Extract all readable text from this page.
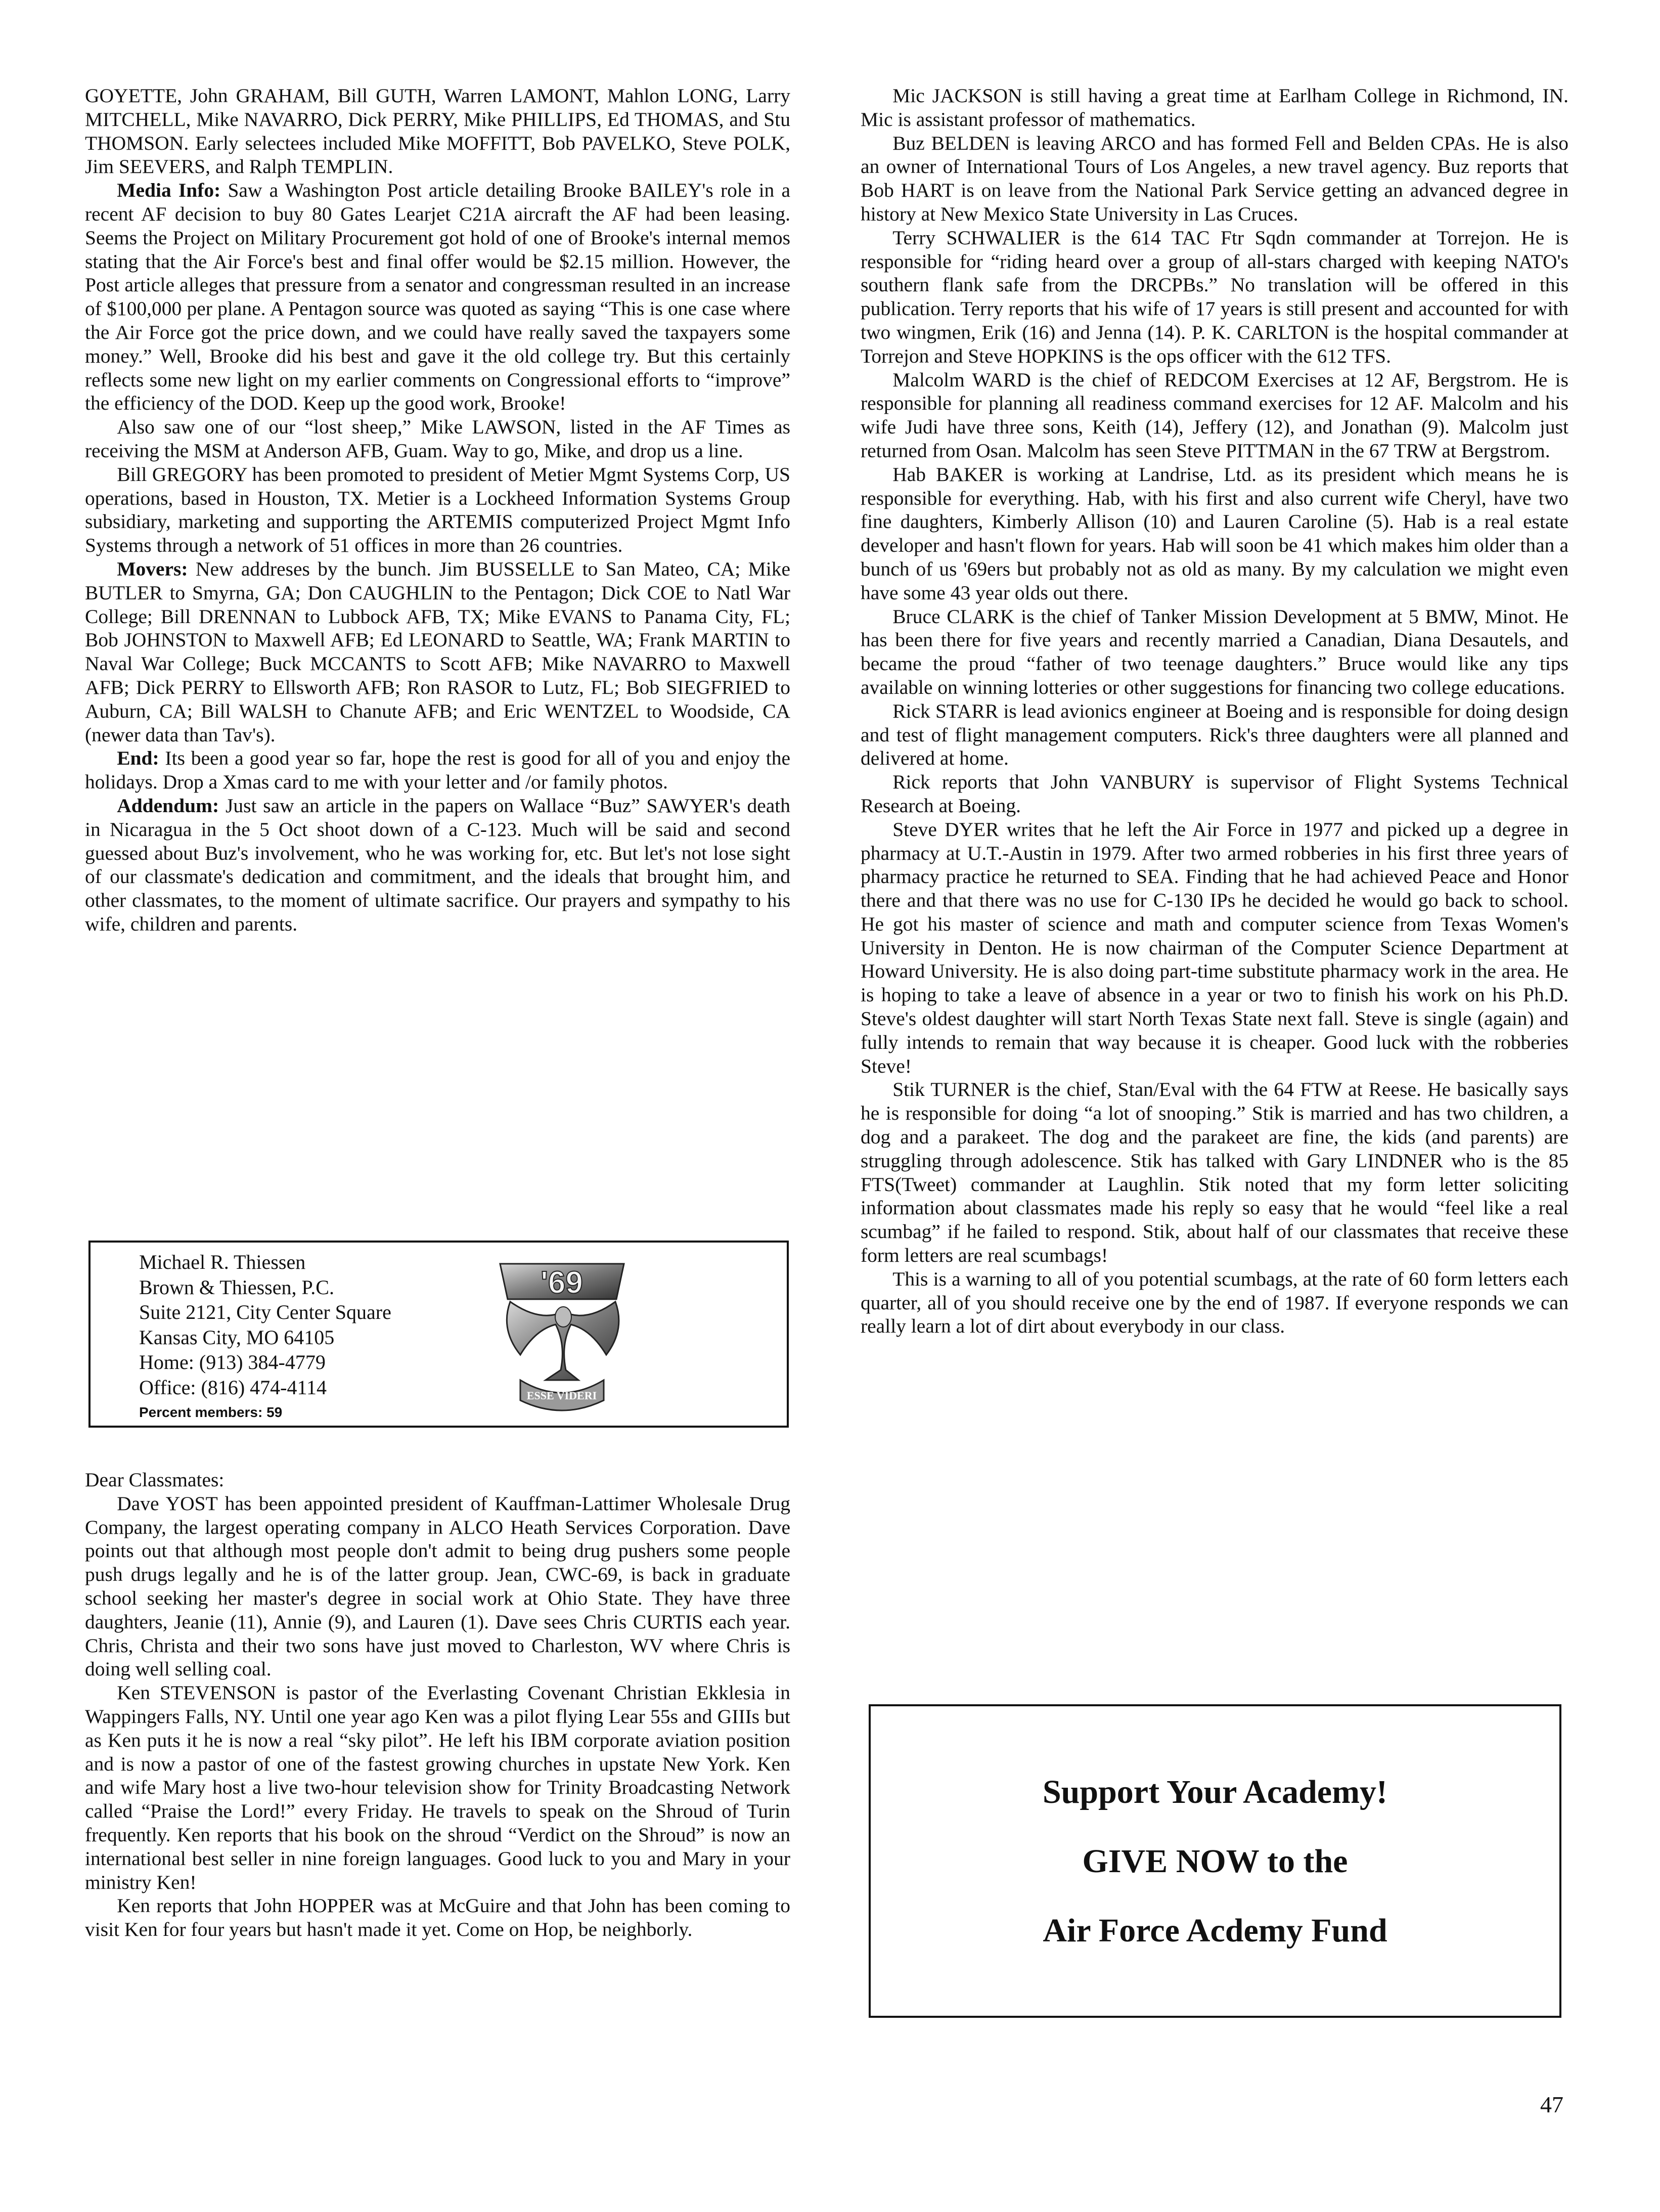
GOYETTE, John GRAHAM, Bill GUTH, Warren LAMONT, Mahlon LONG, Larry MITCHELL, Mike NAVARRO, Dick PERRY, Mike PHILLIPS, Ed THOMAS, and Stu THOMSON. Early selectees included Mike MOFFITT, Bob PAVELKO, Steve POLK, Jim SEEVERS, and Ralph TEMPLIN.

Media Info: Saw a Washington Post article detailing Brooke BAILEY's role in a recent AF decision to buy 80 Gates Learjet C21A aircraft the AF had been leasing. Seems the Project on Military Procurement got hold of one of Brooke's internal memos stating that the Air Force's best and final offer would be $2.15 million. However, the Post article alleges that pressure from a senator and congressman resulted in an increase of $100,000 per plane. A Pentagon source was quoted as saying “This is one case where the Air Force got the price down, and we could have really saved the taxpayers some money.” Well, Brooke did his best and gave it the old college try. But this certainly reflects some new light on my earlier comments on Congressional efforts to “improve” the efficiency of the DOD. Keep up the good work, Brooke!

Also saw one of our “lost sheep,” Mike LAWSON, listed in the AF Times as receiving the MSM at Anderson AFB, Guam. Way to go, Mike, and drop us a line.

Bill GREGORY has been promoted to president of Metier Mgmt Systems Corp, US operations, based in Houston, TX. Metier is a Lockheed Information Systems Group subsidiary, marketing and supporting the ARTEMIS computerized Project Mgmt Info Systems through a network of 51 offices in more than 26 countries.

Movers: New addreses by the bunch. Jim BUSSELLE to San Mateo, CA; Mike BUTLER to Smyrna, GA; Don CAUGHLIN to the Pentagon; Dick COE to Natl War College; Bill DRENNAN to Lubbock AFB, TX; Mike EVANS to Panama City, FL; Bob JOHNSTON to Maxwell AFB; Ed LEONARD to Seattle, WA; Frank MARTIN to Naval War College; Buck MCCANTS to Scott AFB; Mike NAVARRO to Maxwell AFB; Dick PERRY to Ellsworth AFB; Ron RASOR to Lutz, FL; Bob SIEGFRIED to Auburn, CA; Bill WALSH to Chanute AFB; and Eric WENTZEL to Woodside, CA (newer data than Tav's).

End: Its been a good year so far, hope the rest is good for all of you and enjoy the holidays. Drop a Xmas card to me with your letter and /or family photos.

Addendum: Just saw an article in the papers on Wallace “Buz” SAWYER's death in Nicaragua in the 5 Oct shoot down of a C-123. Much will be said and second guessed about Buz's involvement, who he was working for, etc. But let's not lose sight of our classmate's dedication and commitment, and the ideals that brought him, and other classmates, to the moment of ultimate sacrifice. Our prayers and sympathy to his wife, children and parents.

Michael R. Thiessen
Brown & Thiessen, P.C.
Suite 2121, City Center Square
Kansas City, MO 64105
Home: (913) 384-4779
Office: (816) 474-4114
Percent members: 59
'69
ESSE VIDERI

Dear Classmates:

Dave YOST has been appointed president of Kauffman-Lattimer Wholesale Drug Company, the largest operating company in ALCO Heath Services Corporation. Dave points out that although most people don't admit to being drug pushers some people push drugs legally and he is of the latter group. Jean, CWC-69, is back in graduate school seeking her master's degree in social work at Ohio State. They have three daughters, Jeanie (11), Annie (9), and Lauren (1). Dave sees Chris CURTIS each year. Chris, Christa and their two sons have just moved to Charleston, WV where Chris is doing well selling coal.

Ken STEVENSON is pastor of the Everlasting Covenant Christian Ekklesia in Wappingers Falls, NY. Until one year ago Ken was a pilot flying Lear 55s and GIIIs but as Ken puts it he is now a real “sky pilot”. He left his IBM corporate aviation position and is now a pastor of one of the fastest growing churches in upstate New York. Ken and wife Mary host a live two-hour television show for Trinity Broadcasting Network called “Praise the Lord!” every Friday. He travels to speak on the Shroud of Turin frequently. Ken reports that his book on the shroud “Verdict on the Shroud” is now an international best seller in nine foreign languages. Good luck to you and Mary in your ministry Ken!

Ken reports that John HOPPER was at McGuire and that John has been coming to visit Ken for four years but hasn't made it yet. Come on Hop, be neighborly.

Mic JACKSON is still having a great time at Earlham College in Richmond, IN. Mic is assistant professor of mathematics.

Buz BELDEN is leaving ARCO and has formed Fell and Belden CPAs. He is also an owner of International Tours of Los Angeles, a new travel agency. Buz reports that Bob HART is on leave from the National Park Service getting an advanced degree in history at New Mexico State University in Las Cruces.

Terry SCHWALIER is the 614 TAC Ftr Sqdn commander at Torrejon. He is responsible for “riding heard over a group of all-stars charged with keeping NATO's southern flank safe from the DRCPBs.” No translation will be offered in this publication. Terry reports that his wife of 17 years is still present and accounted for with two wingmen, Erik (16) and Jenna (14). P. K. CARLTON is the hospital commander at Torrejon and Steve HOPKINS is the ops officer with the 612 TFS.

Malcolm WARD is the chief of REDCOM Exercises at 12 AF, Bergstrom. He is responsible for planning all readiness command exercises for 12 AF. Malcolm and his wife Judi have three sons, Keith (14), Jeffery (12), and Jonathan (9). Malcolm just returned from Osan. Malcolm has seen Steve PITTMAN in the 67 TRW at Bergstrom.

Hab BAKER is working at Landrise, Ltd. as its president which means he is responsible for everything. Hab, with his first and also current wife Cheryl, have two fine daughters, Kimberly Allison (10) and Lauren Caroline (5). Hab is a real estate developer and hasn't flown for years. Hab will soon be 41 which makes him older than a bunch of us '69ers but probably not as old as many. By my calculation we might even have some 43 year olds out there.

Bruce CLARK is the chief of Tanker Mission Development at 5 BMW, Minot. He has been there for five years and recently married a Canadian, Diana Desautels, and became the proud “father of two teenage daughters.” Bruce would like any tips available on winning lotteries or other suggestions for financing two college educations.

Rick STARR is lead avionics engineer at Boeing and is responsible for doing design and test of flight management computers. Rick's three daughters were all planned and delivered at home.

Rick reports that John VANBURY is supervisor of Flight Systems Technical Research at Boeing.

Steve DYER writes that he left the Air Force in 1977 and picked up a degree in pharmacy at U.T.-Austin in 1979. After two armed robberies in his first three years of pharmacy practice he returned to SEA. Finding that he had achieved Peace and Honor there and that there was no use for C-130 IPs he decided he would go back to school. He got his master of science and math and computer science from Texas Women's University in Denton. He is now chairman of the Computer Science Department at Howard University. He is also doing part-time substitute pharmacy work in the area. He is hoping to take a leave of absence in a year or two to finish his work on his Ph.D. Steve's oldest daughter will start North Texas State next fall. Steve is single (again) and fully intends to remain that way because it is cheaper. Good luck with the robberies Steve!

Stik TURNER is the chief, Stan/Eval with the 64 FTW at Reese. He basically says he is responsible for doing “a lot of snooping.” Stik is married and has two children, a dog and a parakeet. The dog and the parakeet are fine, the kids (and parents) are struggling through adolescence. Stik has talked with Gary LINDNER who is the 85 FTS(Tweet) commander at Laughlin. Stik noted that my form letter soliciting information about classmates made his reply so easy that he would “feel like a real scumbag” if he failed to respond. Stik, about half of our classmates that receive these form letters are real scumbags!

This is a warning to all of you potential scumbags, at the rate of 60 form letters each quarter, all of you should receive one by the end of 1987. If everyone responds we can really learn a lot of dirt about everybody in our class.

Support Your Academy!
GIVE NOW to the
Air Force Acdemy Fund
47
